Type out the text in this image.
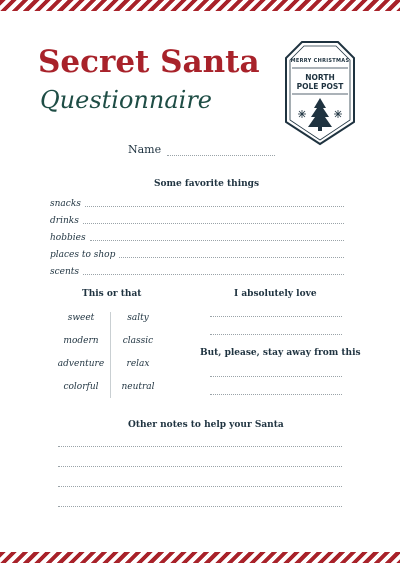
Secret Santa
Questionnaire
MERRY CHRISTMAS
NORTH
POLE POST
Name
Some favorite things
snacks
drinks
hobbies
places to shop
scents
This or that
sweet	salty
modern	classic
adventure	relax
colorful	neutral
I absolutely love
But, please, stay away from this
Other notes to help your Santa
